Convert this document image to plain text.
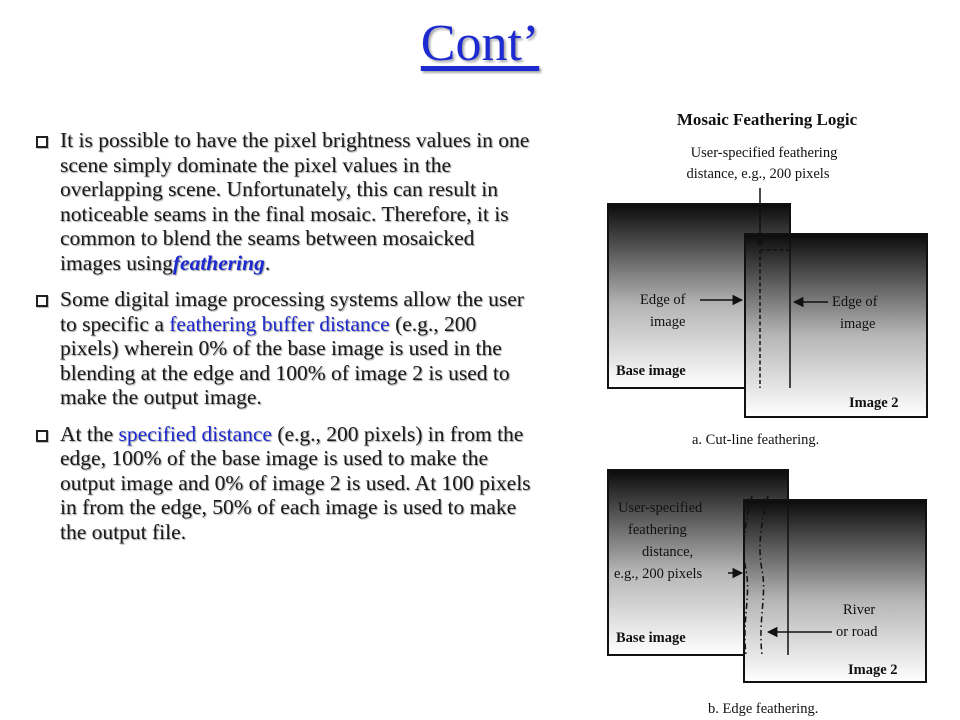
Cont’
It is possible to have the pixel brightness values in one scene simply dominate the pixel values in the overlapping scene. Unfortunately, this can result in noticeable seams in the final mosaic. Therefore, it is common to blend the seams between mosaicked images usingfeathering.
Some digital image processing systems allow the user to specific a feathering buffer distance (e.g., 200 pixels) wherein 0% of the base image is used in the blending at the edge and 100% of image 2 is used to make the output image.
At the specified distance (e.g., 200 pixels) in from the edge, 100% of the base image is used to make the output image and 0% of image 2 is used. At 100 pixels in from the edge, 50% of each image is used to make the output file.
Mosaic Feathering Logic
User-specified feathering
distance, e.g., 200 pixels
Edge of
image
Edge of
image
Base image
Image 2
a. Cut-line feathering.
User-specified
feathering
distance,
e.g., 200 pixels
River
or road
Base image
Image 2
b. Edge feathering.
